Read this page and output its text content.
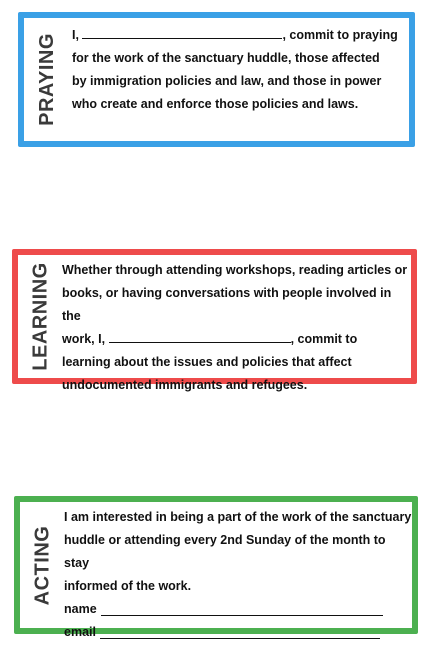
PRAYING I,	, commit to praying
for the work of the sanctuary huddle, those affected
by immigration policies and law, and those in power
who create and enforce those policies and laws.
LEARNING Whether through attending workshops, reading articles or
books, or having conversations with people involved in the
work, I,	, commit to
learning about the issues and policies that affect
undocumented immigrants and refugees.
ACTING
I am interested in being a part of the work of the sanctuary
huddle or attending every 2nd Sunday of the month to stay
informed of the work.
name
email
